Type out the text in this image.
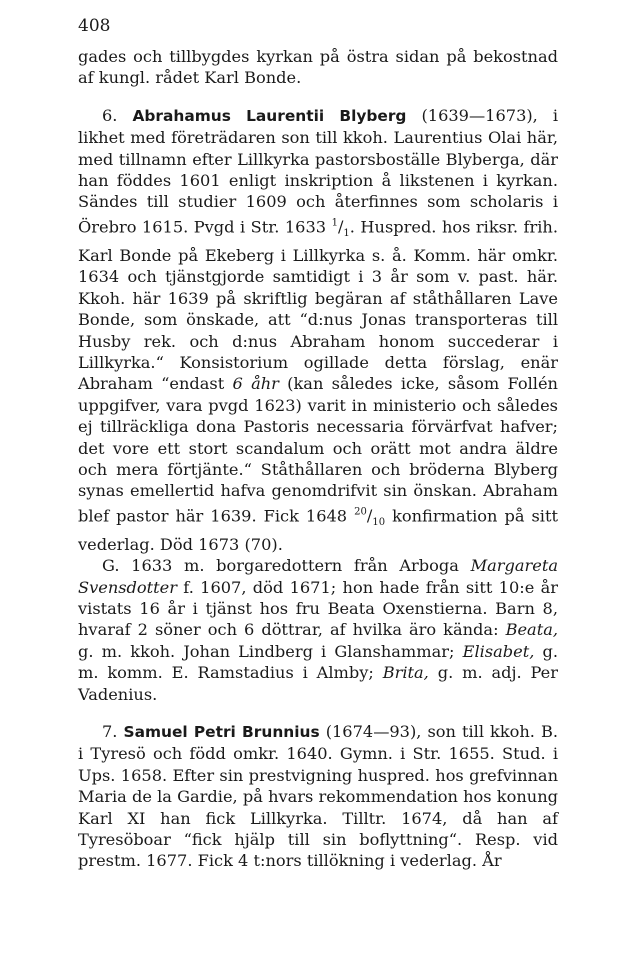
408

gades och tillbygdes kyrkan på östra sidan på bekostnad af kungl. rådet Karl Bonde.

6. Abrahamus Laurentii Blyberg (1639—1673), i likhet med företrädaren son till kkoh. Laurentius Olai här, med tillnamn efter Lillkyrka pastorsboställe Blyberga, där han föddes 1601 enligt inskription å likstenen i kyrkan. Sändes till studier 1609 och återfinnes som scholaris i Örebro 1615. Pvgd i Str. 1633 $^1/_1$. Huspred. hos riksr. frih. Karl Bonde på Ekeberg i Lillkyrka s. å. Komm. här omkr. 1634 och tjänstgjorde samtidigt i 3 år som v. past. här. Kkoh. här 1639 på skriftlig begäran af ståthållaren Lave Bonde, som önskade, att “d:nus Jonas transporteras till Husby rek. och d:nus Abraham honom succederar i Lillkyrka.“ Konsistorium ogillade detta förslag, enär Abraham “endast 6 åhr (kan således icke, såsom Follén uppgifver, vara pvgd 1623) varit in ministerio och således ej tillräckliga dona Pastoris necessaria förvärfvat hafver; det vore ett stort scandalum och orätt mot andra äldre och mera förtjänte.“ Ståthållaren och bröderna Blyberg synas emellertid hafva genomdrifvit sin önskan. Abraham blef pastor här 1639. Fick 1648 $^{20}/_{10}$ konfirmation på sitt vederlag. Död 1673 (70).

G. 1633 m. borgaredottern från Arboga Margareta Svensdotter f. 1607, död 1671; hon hade från sitt 10:e år vistats 16 år i tjänst hos fru Beata Oxenstierna. Barn 8, hvaraf 2 söner och 6 döttrar, af hvilka äro kända: Beata, g. m. kkoh. Johan Lindberg i Glanshammar; Elisabet, g. m. komm. E. Ramstadius i Almby; Brita, g. m. adj. Per Vadenius.

7. Samuel Petri Brunnius (1674—93), son till kkoh. B. i Tyresö och född omkr. 1640. Gymn. i Str. 1655. Stud. i Ups. 1658. Efter sin prestvigning huspred. hos grefvinnan Maria de la Gardie, på hvars rekommendation hos konung Karl XI han fick Lillkyrka. Tilltr. 1674, då han af Tyresöboar “fick hjälp till sin boflyttning“. Resp. vid prestm. 1677. Fick 4 t:nors tillökning i vederlag. År
